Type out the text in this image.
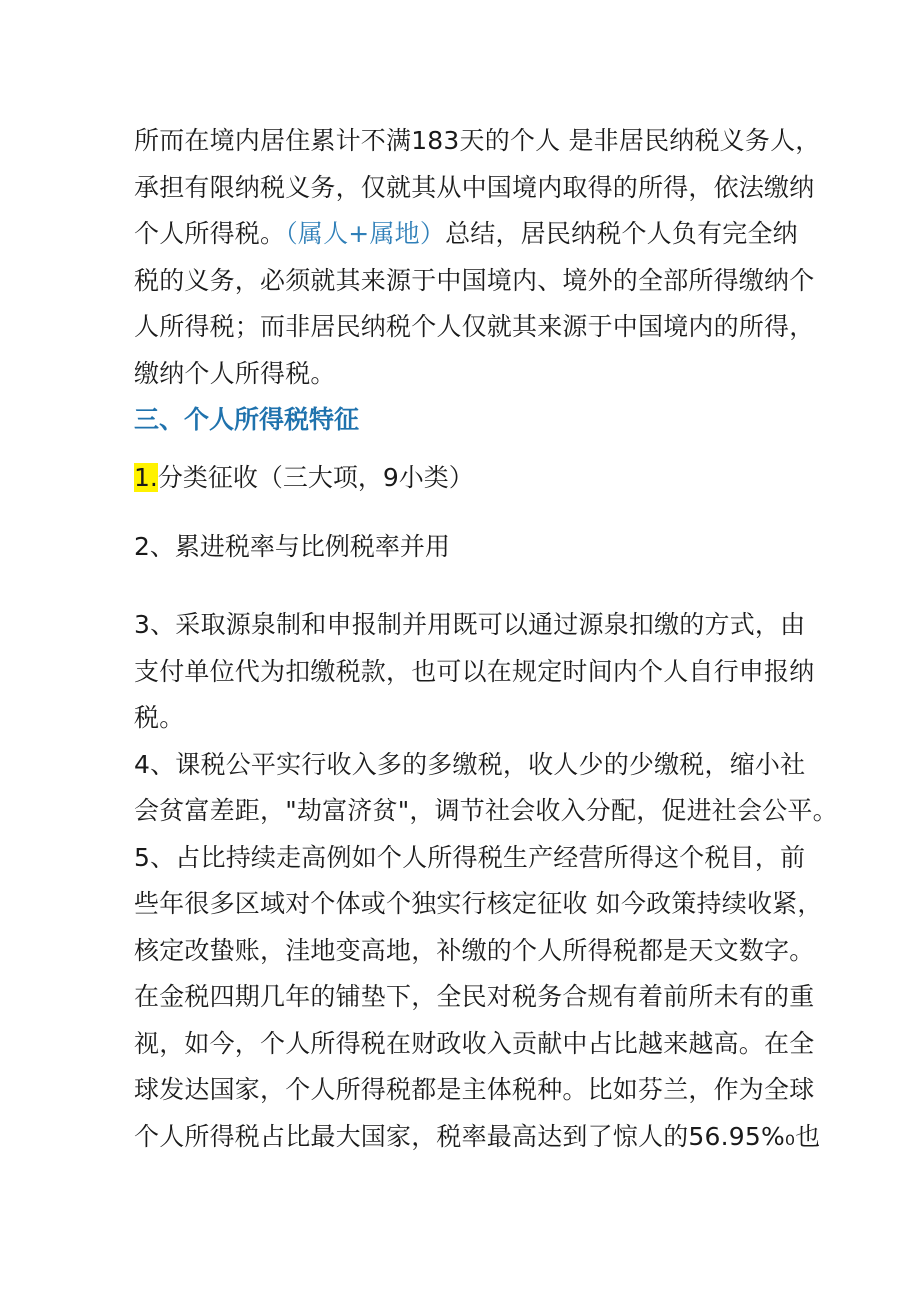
所而在境内居住累计不满183天的个人 是非居民纳税义务人，

承担有限纳税义务，仅就其从中国境内取得的所得，依法缴纳

个人所得税。（属人+属地）总结，居民纳税个人负有完全纳

税的义务，必须就其来源于中国境内、境外的全部所得缴纳个

人所得税；而非居民纳税个人仅就其来源于中国境内的所得，

缴纳个人所得税。

三、个人所得税特征

1.分类征收（三大项，9小类）

2、累进税率与比例税率并用

3、采取源泉制和申报制并用既可以通过源泉扣缴的方式，由

支付单位代为扣缴税款，也可以在规定时间内个人自行申报纳

税。

4、课税公平实行收入多的多缴税，收人少的少缴税，缩小社

会贫富差距，"劫富济贫"，调节社会收入分配，促进社会公平。

5、占比持续走高例如个人所得税生产经营所得这个税目，前

些年很多区域对个体或个独实行核定征收 如今政策持续收紧，

核定改蛰账，洼地变高地，补缴的个人所得税都是天文数字。

在金税四期几年的铺垫下，全民对税务合规有着前所未有的重

视，如今，个人所得税在财政收入贡献中占比越来越高。在全

球发达国家，个人所得税都是主体税种。比如芬兰，作为全球

个人所得税占比最大国家，税率最高达到了惊人的56.95%₀也
